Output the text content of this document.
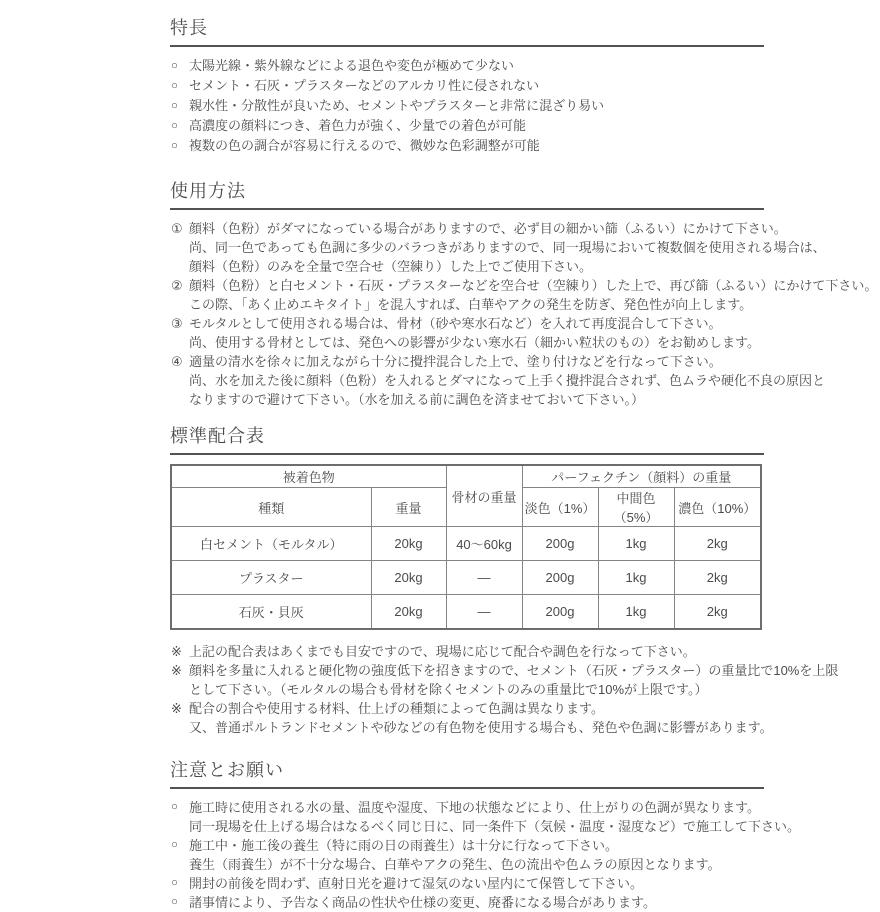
特長
○ 太陽光線・紫外線などによる退色や変色が極めて少ない
○ セメント・石灰・プラスターなどのアルカリ性に侵されない
○ 親水性・分散性が良いため、セメントやプラスターと非常に混ざり易い
○ 高濃度の顔料につき、着色力が強く、少量での着色が可能
○ 複数の色の調合が容易に行えるので、微妙な色彩調整が可能
使用方法
① 顔料（色粉）がダマになっている場合がありますので、必ず目の細かい篩（ふるい）にかけて下さい。
尚、同一色であっても色調に多少のバラつきがありますので、同一現場において複数個を使用される場合は、
顔料（色粉）のみを全量で空合せ（空練り）した上でご使用下さい。
② 顔料（色粉）と白セメント・石灰・プラスターなどを空合せ（空練り）した上で、再び篩（ふるい）にかけて下さい。
この際、「あく止めエキタイト」を混入すれば、白華やアクの発生を防ぎ、発色性が向上します。
③ モルタルとして使用される場合は、骨材（砂や寒水石など）を入れて再度混合して下さい。
尚、使用する骨材としては、発色への影響が少ない寒水石（細かい粒状のもの）をお勧めします。
④ 適量の清水を徐々に加えながら十分に攪拌混合した上で、塗り付けなどを行なって下さい。
尚、水を加えた後に顔料（色粉）を入れるとダマになって上手く攪拌混合されず、色ムラや硬化不良の原因と
なりますので避けて下さい。（水を加える前に調色を済ませておいて下さい。）
標準配合表
被着色物		骨材の重量	パーフェクチン（顔料）の重量		
種類	重量		淡色（1%）	中間色（5%）	濃色（10%）
白セメント（モルタル）	20kg	40〜60kg	200g	1kg	2kg
プラスター	20kg	—	200g	1kg	2kg
石灰・貝灰	20kg	—	200g	1kg	2kg
※ 上記の配合表はあくまでも目安ですので、現場に応じて配合や調色を行なって下さい。
※ 顔料を多量に入れると硬化物の強度低下を招きますので、セメント（石灰・プラスター）の重量比で10%を上限
として下さい。（モルタルの場合も骨材を除くセメントのみの重量比で10%が上限です。）
※ 配合の割合や使用する材料、仕上げの種類によって色調は異なります。
又、普通ポルトランドセメントや砂などの有色物を使用する場合も、発色や色調に影響があります。
注意とお願い
○ 施工時に使用される水の量、温度や湿度、下地の状態などにより、仕上がりの色調が異なります。
同一現場を仕上げる場合はなるべく同じ日に、同一条件下（気候・温度・湿度など）で施工して下さい。
○ 施工中・施工後の養生（特に雨の日の雨養生）は十分に行なって下さい。
養生（雨養生）が不十分な場合、白華やアクの発生、色の流出や色ムラの原因となります。
○ 開封の前後を問わず、直射日光を避けて湿気のない屋内にて保管して下さい。
○ 諸事情により、予告なく商品の性状や仕様の変更、廃番になる場合があります。
